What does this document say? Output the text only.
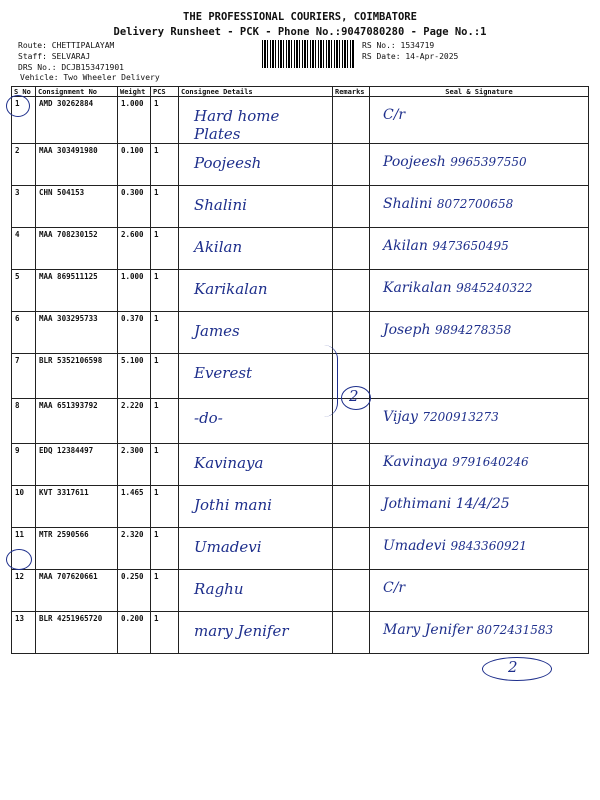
THE PROFESSIONAL COURIERS, COIMBATORE
Delivery Runsheet - PCK - Phone No.:9047080280 - Page No.:1
Route: CHETTIPALAYAM
Staff: SELVARAJ
DRS No.: DCJB153471901
Vehicle: Two Wheeler Delivery
RS No.: 1534719
RS Date: 14-Apr-2025
S No	Consignment No	Weight	PCS	Consignee Details	Remarks	Seal & Signature
1	AMD 30262884	1.000	1	Hard home Plates		C/r

2	MAA 303491980	0.100	1	Poojeesh		Poojeesh 9965397550

3	CHN 504153	0.300	1	Shalini		Shalini 8072700658

4	MAA 708230152	2.600	1	Akilan		Akilan 9473650495

5	MAA 869511125	1.000	1	Karikalan		Karikalan 9845240322

6	MAA 303295733	0.370	1	James		Joseph 9894278358

7	BLR 5352106598	5.100	1	Everest		

8	MAA 651393792	2.220	1	-do-		Vijay 7200913273

9	EDQ 12384497	2.300	1	Kavinaya		Kavinaya 9791640246

10	KVT 3317611	1.465	1	Jothi mani		Jothimani 14/4/25

11	MTR 2590566	2.320	1	Umadevi		Umadevi 9843360921

12	MAA 707620661	0.250	1	Raghu		C/r

13	BLR 4251965720	0.200	1	mary Jenifer		Mary Jenifer 8072431583
2
2
